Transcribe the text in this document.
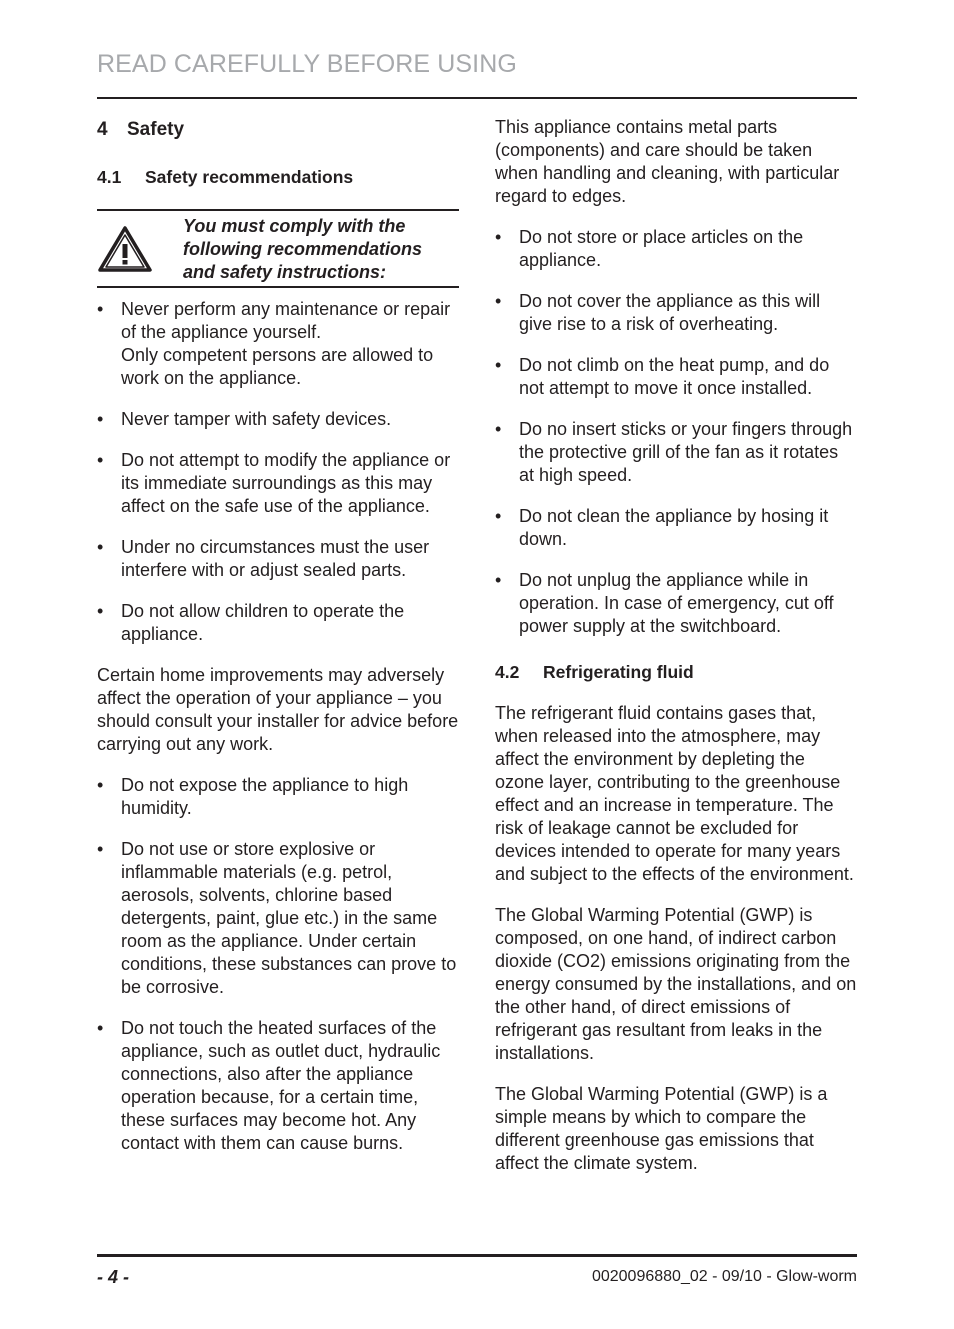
READ CAREFULLY BEFORE USING
4 Safety
4.1 Safety recommendations
You must comply with the following recommendations and safety instructions:
• Never perform any maintenance or repair of the appliance yourself.
Only competent persons are allowed to work on the appliance.
• Never tamper with safety devices.
• Do not attempt to modify the appliance or its immediate surroundings as this may affect on the safe use of the appliance.
• Under no circumstances must the user interfere with or adjust sealed parts.
• Do not allow children to operate the appliance.

Certain home improvements may adversely affect the operation of your appliance – you should consult your installer for advice before carrying out any work.

• Do not expose the appliance to high humidity.
• Do not use or store explosive or inflammable materials (e.g. petrol, aerosols, solvents, chlorine based detergents, paint, glue etc.) in the same room as the appliance. Under certain conditions, these substances can prove to be corrosive.
• Do not touch the heated surfaces of the appliance, such as outlet duct, hydraulic connections, also after the appliance operation because, for a certain time, these surfaces may become hot. Any contact with them can cause burns.

This appliance contains metal parts (components) and care should be taken when handling and cleaning, with particular regard to edges.

• Do not store or place articles on the appliance.
• Do not cover the appliance as this will give rise to a risk of overheating.
• Do not climb on the heat pump, and do not attempt to move it once installed.
• Do no insert sticks or your fingers through the protective grill of the fan as it rotates at high speed.
• Do not clean the appliance by hosing it down.
• Do not unplug the appliance while in operation. In case of emergency, cut off power supply at the switchboard.
4.2 Refrigerating fluid

The refrigerant fluid contains gases that, when released into the atmosphere, may affect the environment by depleting the ozone layer, contributing to the greenhouse effect and an increase in temperature. The risk of leakage cannot be excluded for devices intended to operate for many years and subject to the effects of the environment.

The Global Warming Potential (GWP) is composed, on one hand, of indirect carbon dioxide (CO2) emissions originating from the energy consumed by the installations, and on the other hand, of direct emissions of refrigerant gas resultant from leaks in the installations.

The Global Warming Potential (GWP) is a simple means by which to compare the different greenhouse gas emissions that affect the climate system.

- 4 -	0020096880_02 - 09/10 - Glow-worm
